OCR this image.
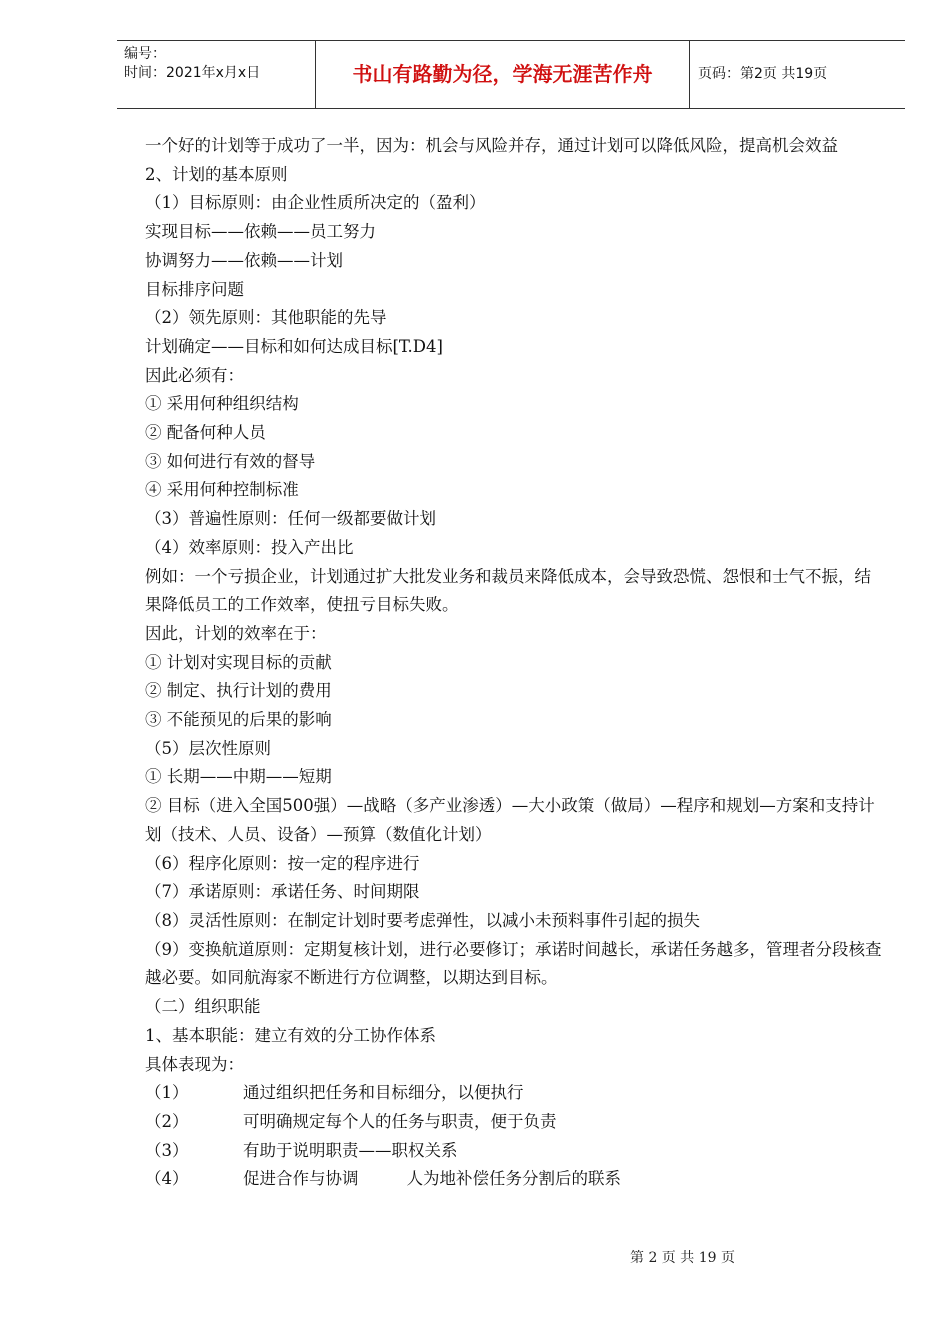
编号：
时间：2021年x月x日	书山有路勤为径，学海无涯苦作舟	页码：第2页 共19页

一个好的计划等于成功了一半，因为：机会与风险并存，通过计划可以降低风险，提高机会效益

2、计划的基本原则

（1）目标原则：由企业性质所决定的（盈利）

实现目标——依赖——员工努力

协调努力——依赖——计划

目标排序问题

（2）领先原则：其他职能的先导

计划确定——目标和如何达成目标[T.D4]

因此必须有：

① 采用何种组织结构

② 配备何种人员

③ 如何进行有效的督导

④ 采用何种控制标准

（3）普遍性原则：任何一级都要做计划

（4）效率原则：投入产出比

例如：一个亏损企业，计划通过扩大批发业务和裁员来降低成本，会导致恐慌、怨恨和士气不振，结果降低员工的工作效率，使扭亏目标失败。

因此，计划的效率在于：

① 计划对实现目标的贡献

② 制定、执行计划的费用

③ 不能预见的后果的影响

（5）层次性原则

① 长期——中期——短期

② 目标（进入全国500强）—战略（多产业渗透）—大小政策（做局）—程序和规划—方案和支持计划（技术、人员、设备）—预算（数值化计划）

（6）程序化原则：按一定的程序进行

（7）承诺原则：承诺任务、时间期限

（8）灵活性原则：在制定计划时要考虑弹性，以减小未预料事件引起的损失

（9）变换航道原则：定期复核计划，进行必要修订；承诺时间越长，承诺任务越多，管理者分段核查越必要。如同航海家不断进行方位调整，以期达到目标。

（二）组织职能

1、基本职能：建立有效的分工协作体系

具体表现为：

（1）	通过组织把任务和目标细分，以便执行

（2）	可明确规定每个人的任务与职责，便于负责

（3）	有助于说明职责——职权关系

（4）	促进合作与协调	人为地补偿任务分割后的联系

第 2 页 共 19 页
